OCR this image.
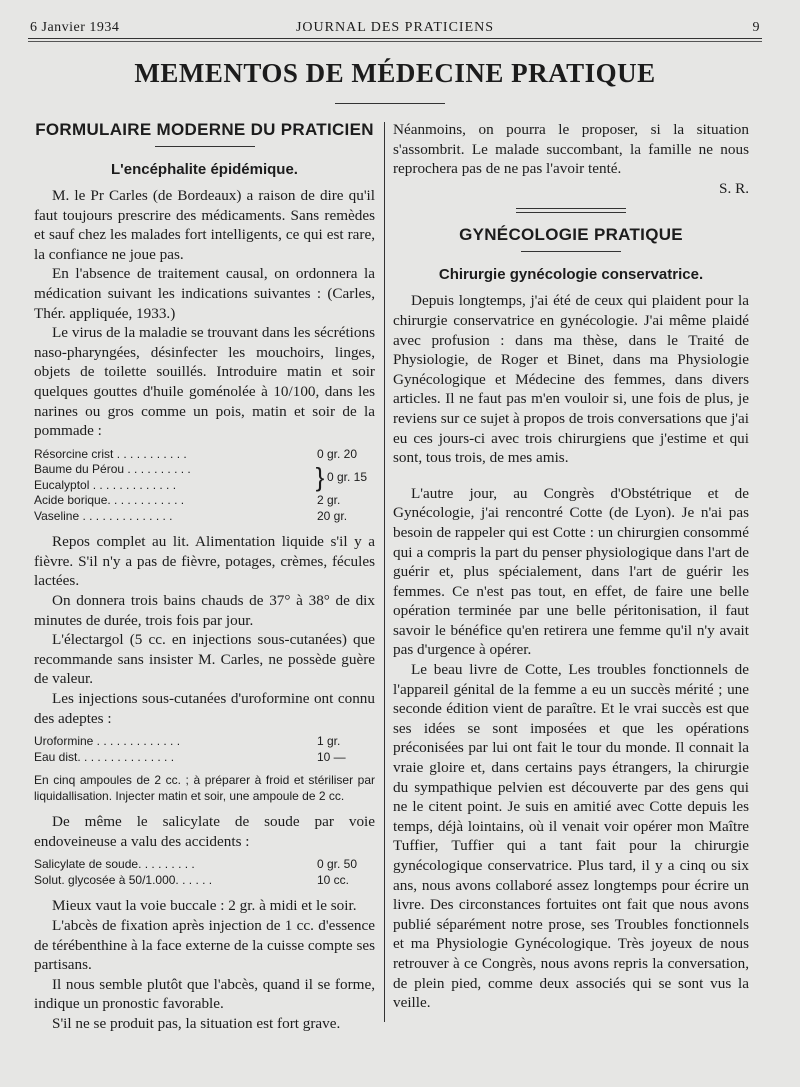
6 Janvier 1934	JOURNAL DES PRATICIENS	9
MEMENTOS DE MÉDECINE PRATIQUE
FORMULAIRE MODERNE DU PRATICIEN
L'encéphalite épidémique.

M. le Pr Carles (de Bordeaux) a raison de dire qu'il faut toujours prescrire des médicaments. Sans remèdes et sauf chez les malades fort intelligents, ce qui est rare, la confiance ne joue pas.

En l'absence de traitement causal, on ordonnera la médication suivant les indications suivantes : (Carles, Thér. appliquée, 1933.)

Le virus de la maladie se trouvant dans les sécrétions naso-pharyngées, désinfecter les mouchoirs, linges, objets de toilette souillés. Introduire matin et soir quelques gouttes d'huile goménolée à 10/100, dans les narines ou gros comme un pois, matin et soir de la pommade :

Résorcine crist . . . . . . . . . . .	0 gr. 20
Baume du Pérou . . . . . . . . . .
Eucalyptol . . . . . . . . . . . . .	} 0 gr. 15
Acide borique. . . . . . . . . . . .	2 gr.
Vaseline . . . . . . . . . . . . . .	20 gr.

Repos complet au lit. Alimentation liquide s'il y a fièvre. S'il n'y a pas de fièvre, potages, crèmes, fécules lactées.

On donnera trois bains chauds de 37° à 38° de dix minutes de durée, trois fois par jour.

L'électargol (5 cc. en injections sous-cutanées) que recommande sans insister M. Carles, ne possède guère de valeur.

Les injections sous-cutanées d'uroformine ont connu des adeptes :

Uroformine . . . . . . . . . . . . .	1 gr.
Eau dist. . . . . . . . . . . . . . .	10 —

En cinq ampoules de 2 cc. ; à préparer à froid et stériliser par liquidallisation. Injecter matin et soir, une ampoule de 2 cc.

De même le salicylate de soude par voie endoveineuse a valu des accidents :

Salicylate de soude. . . . . . . . .	0 gr. 50
Solut. glycosée à 50/1.000. . . . . .	10 cc.

Mieux vaut la voie buccale : 2 gr. à midi et le soir.

L'abcès de fixation après injection de 1 cc. d'essence de térébenthine à la face externe de la cuisse compte ses partisans.

Il nous semble plutôt que l'abcès, quand il se forme, indique un pronostic favorable.

S'il ne se produit pas, la situation est fort grave.

Néanmoins, on pourra le proposer, si la situation s'assombrit. Le malade succombant, la famille ne nous reprochera pas de ne pas l'avoir tenté.

S. R.

GYNÉCOLOGIE PRATIQUE
Chirurgie gynécologie conservatrice.

Depuis longtemps, j'ai été de ceux qui plaident pour la chirurgie conservatrice en gynécologie. J'ai même plaidé avec profusion : dans ma thèse, dans le Traité de Physiologie, de Roger et Binet, dans ma Physiologie Gynécologique et Médecine des femmes, dans divers articles. Il ne faut pas m'en vouloir si, une fois de plus, je reviens sur ce sujet à propos de trois conversations que j'ai eu ces jours-ci avec trois chirurgiens que j'estime et qui sont, tous trois, de mes amis.

L'autre jour, au Congrès d'Obstétrique et de Gynécologie, j'ai rencontré Cotte (de Lyon). Je n'ai pas besoin de rappeler qui est Cotte : un chirurgien consommé qui a compris la part du penser physiologique dans l'art de guérir et, plus spécialement, dans l'art de guérir les femmes. Ce n'est pas tout, en effet, de faire une belle opération terminée par une belle péritonisation, il faut savoir le bénéfice qu'en retirera une femme qu'il n'y avait pas d'urgence à opérer.

Le beau livre de Cotte, Les troubles fonctionnels de l'appareil génital de la femme a eu un succès mérité ; une seconde édition vient de paraître. Et le vrai succès est que ses idées se sont imposées et que les opérations préconisées par lui ont fait le tour du monde. Il connait la vraie gloire et, dans certains pays étrangers, la chirurgie du sympathique pelvien est découverte par des gens qui ne le citent point. Je suis en amitié avec Cotte depuis les temps, déjà lointains, où il venait voir opérer mon Maître Tuffier, Tuffier qui a tant fait pour la chirurgie gynécologique conservatrice. Plus tard, il y a cinq ou six ans, nous avons collaboré assez longtemps pour écrire un livre. Des circonstances fortuites ont fait que nous avons publié séparément notre prose, ses Troubles fonctionnels et ma Physiologie Gynécologique. Très joyeux de nous retrouver à ce Congrès, nous avons repris la conversation, de plein pied, comme deux associés qui se sont vus la veille.
